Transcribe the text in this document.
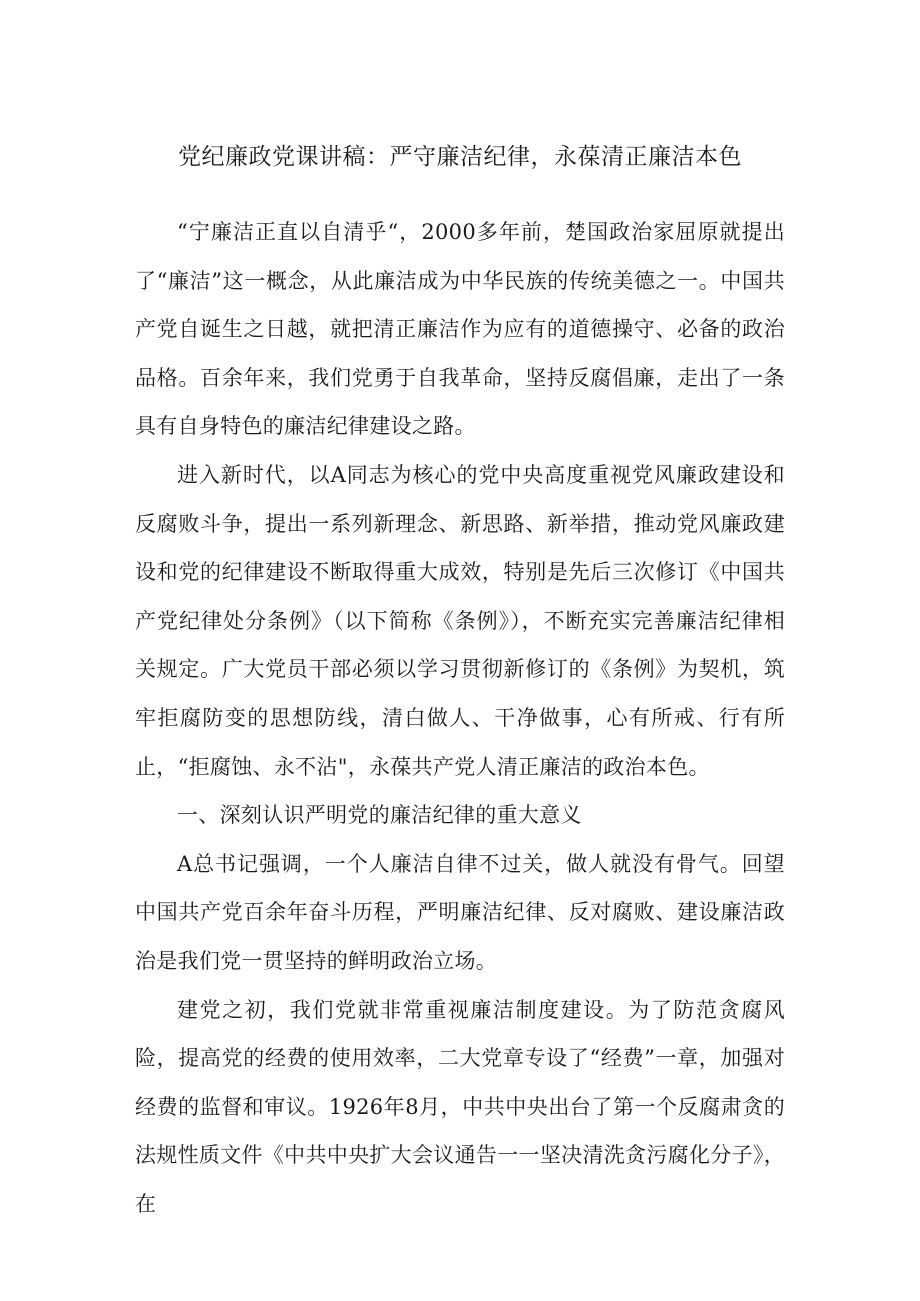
党纪廉政党课讲稿：严守廉洁纪律，永葆清正廉洁本色

“宁廉洁正直以自清乎“，2000多年前，楚国政治家屈原就提出了“廉洁”这一概念，从此廉洁成为中华民族的传统美德之一。中国共产党自诞生之日越，就把清正廉洁作为应有的道德操守、必备的政治品格。百余年来，我们党勇于自我革命，坚持反腐倡廉，走出了一条具有自身特色的廉洁纪律建设之路。

进入新时代，以A同志为核心的党中央高度重视党风廉政建设和反腐败斗争，提出一系列新理念、新思路、新举措，推动党风廉政建设和党的纪律建设不断取得重大成效，特别是先后三次修订《中国共产党纪律处分条例》（以下简称《条例》），不断充实完善廉洁纪律相关规定。广大党员干部必须以学习贯彻新修订的《条例》为契机，筑牢拒腐防变的思想防线，清白做人、干净做事，心有所戒、行有所止，“拒腐蚀、永不沾"，永葆共产党人清正廉洁的政治本色。

一、深刻认识严明党的廉洁纪律的重大意义

A总书记强调，一个人廉洁自律不过关，做人就没有骨气。回望中国共产党百余年奋斗历程，严明廉洁纪律、反对腐败、建设廉洁政治是我们党一贯坚持的鲜明政治立场。

建党之初，我们党就非常重视廉洁制度建设。为了防范贪腐风险，提高党的经费的使用效率，二大党章专设了“经费”一章，加强对经费的监督和审议。1926年8月，中共中央出台了第一个反腐肃贪的法规性质文件《中共中央扩大会议通告一一坚决清洗贪污腐化分子》，在
